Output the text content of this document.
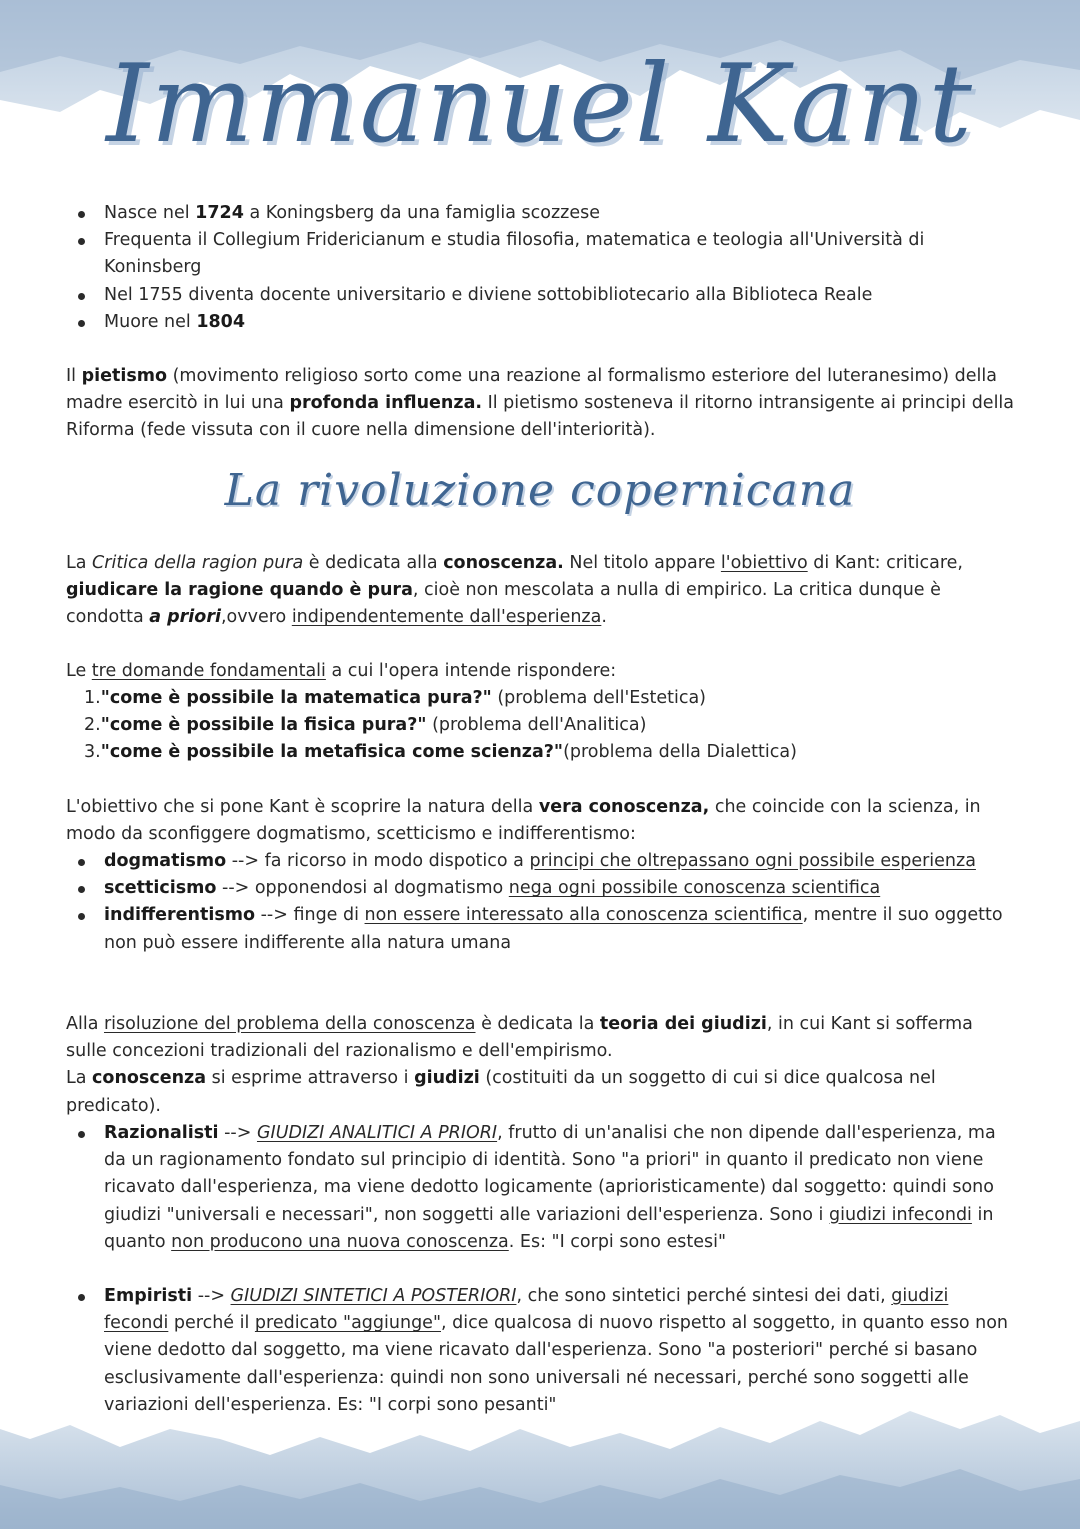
Immanuel Kant
Nasce nel 1724 a Koningsberg da una famiglia scozzese
Frequenta il Collegium Fridericianum e studia filosofia, matematica e teologia all'Università di Koninsberg
Nel 1755 diventa docente universitario e diviene sottobibliotecario alla Biblioteca Reale
Muore nel 1804

Il pietismo (movimento religioso sorto come una reazione al formalismo esteriore del luteranesimo) della madre esercitò in lui una profonda influenza. Il pietismo sosteneva il ritorno intransigente ai principi della Riforma (fede vissuta con il cuore nella dimensione dell'interiorità).

La rivoluzione copernicana

La Critica della ragion pura è dedicata alla conoscenza. Nel titolo appare l'obiettivo di Kant: criticare, giudicare la ragione quando è pura, cioè non mescolata a nulla di empirico. La critica dunque è condotta a priori,ovvero indipendentemente dall'esperienza.

Le tre domande fondamentali a cui l'opera intende rispondere:

1."come è possibile la matematica pura?" (problema dell'Estetica)
2."come è possibile la fisica pura?" (problema dell'Analitica)
3."come è possibile la metafisica come scienza?"(problema della Dialettica)

L'obiettivo che si pone Kant è scoprire la natura della vera conoscenza, che coincide con la scienza, in modo da sconfiggere dogmatismo, scetticismo e indifferentismo:

dogmatismo --> fa ricorso in modo dispotico a principi che oltrepassano ogni possibile esperienza
scetticismo --> opponendosi al dogmatismo nega ogni possibile conoscenza scientifica
indifferentismo --> finge di non essere interessato alla conoscenza scientifica, mentre il suo oggetto non può essere indifferente alla natura umana

Alla risoluzione del problema della conoscenza è dedicata la teoria dei giudizi, in cui Kant si sofferma sulle concezioni tradizionali del razionalismo e dell'empirismo.
La conoscenza si esprime attraverso i giudizi (costituiti da un soggetto di cui si dice qualcosa nel predicato).

Razionalisti --> GIUDIZI ANALITICI A PRIORI, frutto di un'analisi che non dipende dall'esperienza, ma da un ragionamento fondato sul principio di identità. Sono "a priori" in quanto il predicato non viene ricavato dall'esperienza, ma viene dedotto logicamente (aprioristicamente) dal soggetto: quindi sono giudizi "universali e necessari", non soggetti alle variazioni dell'esperienza. Sono i giudizi infecondi in quanto non producono una nuova conoscenza. Es: "I corpi sono estesi"
Empiristi --> GIUDIZI SINTETICI A POSTERIORI, che sono sintetici perché sintesi dei dati, giudizi fecondi perché il predicato "aggiunge", dice qualcosa di nuovo rispetto al soggetto, in quanto esso non viene dedotto dal soggetto, ma viene ricavato dall'esperienza. Sono "a posteriori" perché si basano esclusivamente dall'esperienza: quindi non sono universali né necessari, perché sono soggetti alle variazioni dell'esperienza. Es: "I corpi sono pesanti"
